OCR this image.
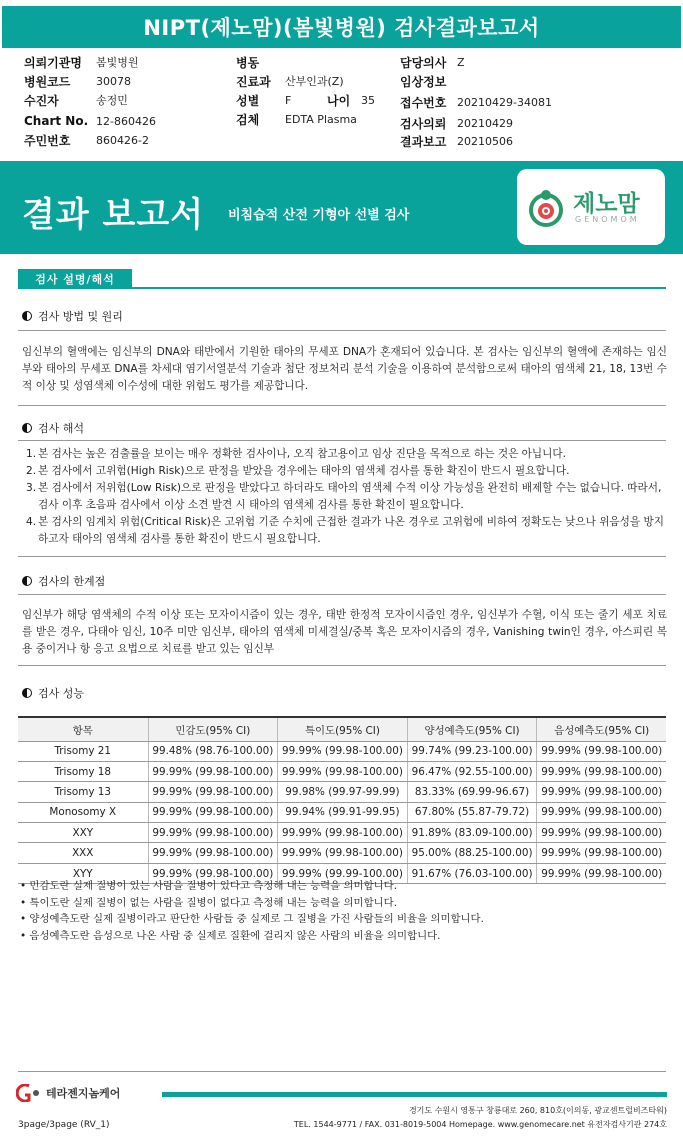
NIPT(제노맘)(봄빛병원) 검사결과보고서
의뢰기관명	봄빛병원
병원코드	30078
수진자	송정민
Chart No. 12-860426
주민번호	860426-2
병동
진료과	산부인과(Z)
성별	F	나이 35
검체	EDTA Plasma
담당의사 Z
임상정보
접수번호 20210429-34081
검사의뢰 20210429
결과보고 20210506
결과 보고서 비침습적 산전 기형아 선별 검사	제노맘
GENOMOM
검사 설명/해석
검사 방법 및 원리
임신부의 혈액에는 임신부의 DNA와 태반에서 기원한 태아의 무세포 DNA가 혼재되어 있습니다. 본 검사는 임신부의 혈액에 존재하는 임신부와 태아의 무세포 DNA를 차세대 염기서열분석 기술과 첨단 정보처리 분석 기술을 이용하여 분석함으로써 태아의 염색체 21, 18, 13번 수적 이상 및 성염색체 이수성에 대한 위험도 평가를 제공합니다.
검사 해석
1. 본 검사는 높은 검출률을 보이는 매우 정확한 검사이나, 오직 참고용이고 임상 진단을 목적으로 하는 것은 아닙니다.
2. 본 검사에서 고위험(High Risk)으로 판정을 받았을 경우에는 태아의 염색체 검사를 통한 확진이 반드시 필요합니다.
3. 본 검사에서 저위험(Low Risk)으로 판정을 받았다고 하더라도 태아의 염색체 수적 이상 가능성을 완전히 배제할 수는 없습니다. 따라서, 검사 이후 초음파 검사에서 이상 소견 발견 시 태아의 염색체 검사를 통한 확진이 필요합니다.
4. 본 검사의 임계치 위험(Critical Risk)은 고위험 기준 수치에 근접한 결과가 나온 경우로 고위험에 비하여 정확도는 낮으나 위음성을 방지하고자 태아의 염색체 검사를 통한 확진이 반드시 필요합니다.
검사의 한계점
임신부가 해당 염색체의 수적 이상 또는 모자이시즘이 있는 경우, 태반 한정적 모자이시즘인 경우, 임신부가 수혈, 이식 또는 줄기 세포 치료를 받은 경우, 다태아 임신, 10주 미만 임신부, 태아의 염색체 미세결실/중복 혹은 모자이시즘의 경우, Vanishing twin인 경우, 아스피린 복용 중이거나 항 응고 요법으로 치료를 받고 있는 임신부
검사 성능
항목	민감도(95% CI)	특이도(95% CI)	양성예측도(95% CI)	음성예측도(95% CI)
Trisomy 21	99.48% (98.76-100.00)	99.99% (99.98-100.00)	99.74% (99.23-100.00)	99.99% (99.98-100.00)
Trisomy 18	99.99% (99.98-100.00)	99.99% (99.98-100.00)	96.47% (92.55-100.00)	99.99% (99.98-100.00)
Trisomy 13	99.99% (99.98-100.00)	99.98% (99.97-99.99)	83.33% (69.99-96.67)	99.99% (99.98-100.00)
Monosomy X	99.99% (99.98-100.00)	99.94% (99.91-99.95)	67.80% (55.87-79.72)	99.99% (99.98-100.00)
XXY	99.99% (99.98-100.00)	99.99% (99.98-100.00)	91.89% (83.09-100.00)	99.99% (99.98-100.00)
XXX	99.99% (99.98-100.00)	99.99% (99.98-100.00)	95.00% (88.25-100.00)	99.99% (99.98-100.00)
XYY	99.99% (99.98-100.00)	99.99% (99.99-100.00)	91.67% (76.03-100.00)	99.99% (99.98-100.00)
• 민감도란 실제 질병이 있는 사람을 질병이 있다고 측정해 내는 능력을 의미합니다.
• 특이도란 실제 질병이 없는 사람을 질병이 없다고 측정해 내는 능력을 의미합니다.
• 양성예측도란 실제 질병이라고 판단한 사람들 중 실제로 그 질병을 가진 사람들의 비율을 의미합니다.
• 음성예측도란 음성으로 나온 사람 중 실제로 질환에 걸리지 않은 사람의 비율을 의미합니다.
테라젠지놈케어
경기도 수원시 영통구 창룡대로 260, 810호(이의동, 광교센트럴비즈타워)
TEL. 1544-9771 / FAX. 031-8019-5004 Homepage. www.genomecare.net 유전자검사기관 274호
3page/3page (RV_1)
